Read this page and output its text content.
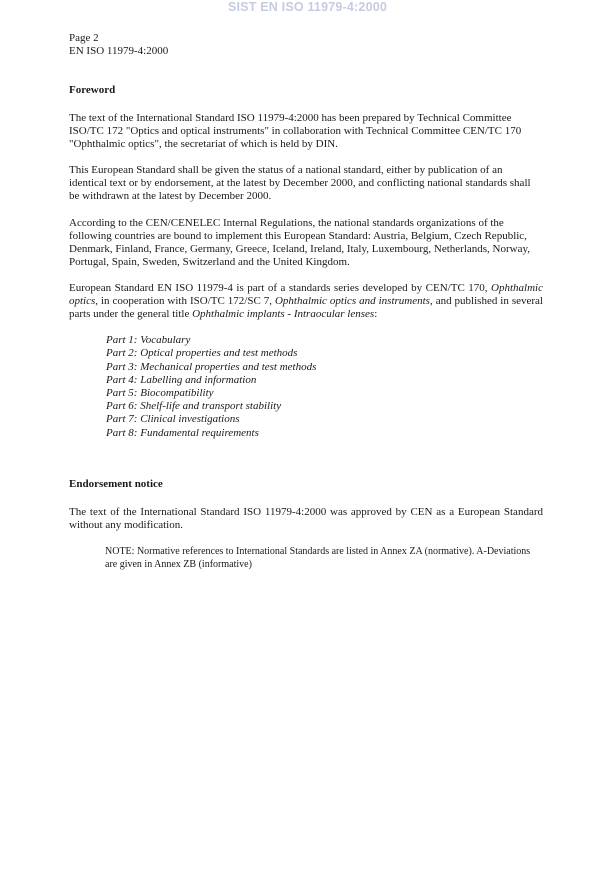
SIST EN ISO 11979-4:2000
Page 2
EN ISO 11979-4:2000
Foreword

The text of the International Standard ISO 11979-4:2000 has been prepared by Technical Committee ISO/TC 172 "Optics and optical instruments" in collaboration with Technical Committee CEN/TC 170 "Ophthalmic optics", the secretariat of which is held by DIN.

This European Standard shall be given the status of a national standard, either by publication of an identical text or by endorsement, at the latest by December 2000, and conflicting national standards shall be withdrawn at the latest by December 2000.

According to the CEN/CENELEC Internal Regulations, the national standards organizations of the following countries are bound to implement this European Standard: Austria, Belgium, Czech Republic, Denmark, Finland, France, Germany, Greece, Iceland, Ireland, Italy, Luxembourg, Netherlands, Norway, Portugal, Spain, Sweden, Switzerland and the United Kingdom.

European Standard EN ISO 11979-4 is part of a standards series developed by CEN/TC 170, Ophthalmic optics, in cooperation with ISO/TC 172/SC 7, Ophthalmic optics and instruments, and published in several parts under the general title Ophthalmic implants - Intraocular lenses:

Part 1: Vocabulary
Part 2: Optical properties and test methods
Part 3: Mechanical properties and test methods
Part 4: Labelling and information
Part 5: Biocompatibility
Part 6: Shelf-life and transport stability
Part 7: Clinical investigations
Part 8: Fundamental requirements
Endorsement notice

The text of the International Standard ISO 11979-4:2000 was approved by CEN as a European Standard without any modification.

NOTE: Normative references to International Standards are listed in Annex ZA (normative). A-Deviations are given in Annex ZB (informative)
